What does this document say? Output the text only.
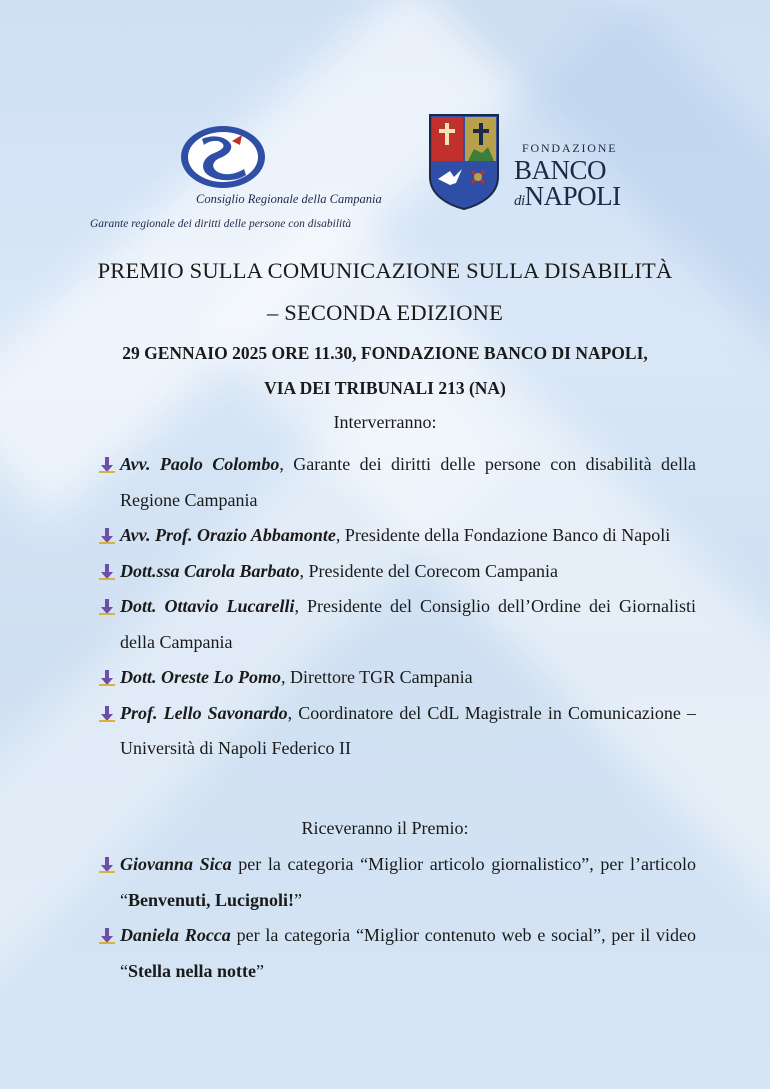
Consiglio Regionale della Campania
Garante regionale dei diritti delle persone con disabilità
FONDAZIONE
BANCO
diNAPOLI
PREMIO SULLA COMUNICAZIONE SULLA DISABILITÀ
– SECONDA EDIZIONE
29 GENNAIO 2025 ORE 11.30, FONDAZIONE BANCO DI NAPOLI,
VIA DEI TRIBUNALI 213 (NA)
Interverranno:
Avv. Paolo Colombo, Garante dei diritti delle persone con disabilità della Regione Campania
Avv. Prof. Orazio Abbamonte, Presidente della Fondazione Banco di Napoli
Dott.ssa Carola Barbato, Presidente del Corecom Campania
Dott. Ottavio Lucarelli, Presidente del Consiglio dell’Ordine dei Giornalisti della Campania
Dott. Oreste Lo Pomo, Direttore TGR Campania
Prof. Lello Savonardo, Coordinatore del CdL Magistrale in Comunicazione – Università di Napoli Federico II
Riceveranno il Premio:
Giovanna Sica per la categoria “Miglior articolo giornalistico”, per l’articolo “Benvenuti, Lucignoli!”
Daniela Rocca per la categoria “Miglior contenuto web e social”, per il video “Stella nella notte”
